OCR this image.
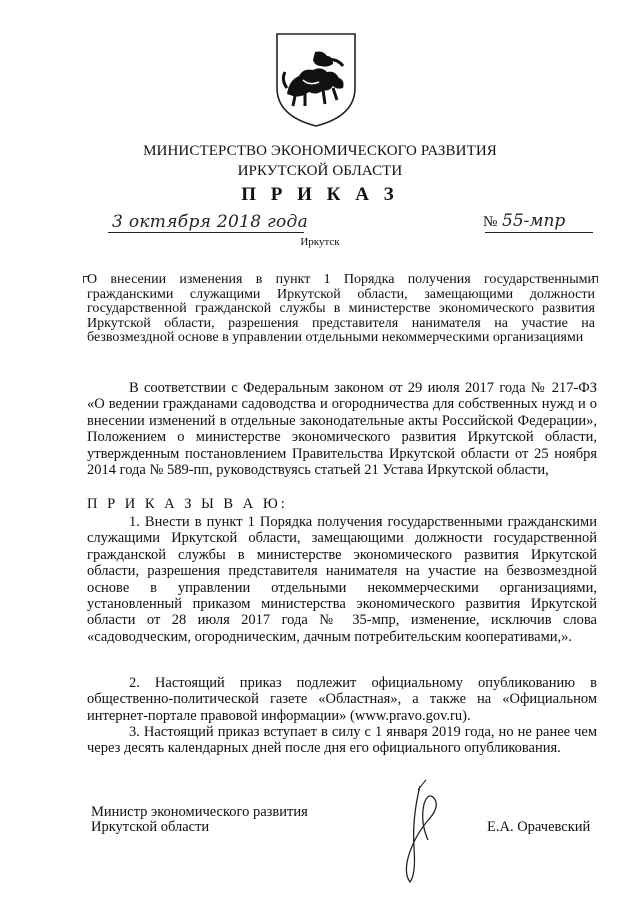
МИНИСТЕРСТВО ЭКОНОМИЧЕСКОГО РАЗВИТИЯ
ИРКУТСКОЙ ОБЛАСТИ
П Р И К А З
3 октября 2018 года	№ 55-мпр
Иркутск
О внесении изменения в пункт 1 Порядка получения государственными гражданскими служащими Иркутской области, замещающими должности государственной гражданской службы в министерстве экономического развития Иркутской области, разрешения представителя нанимателя на участие на безвозмездной основе в управлении отдельными некоммерческими организациями
В соответствии с Федеральным законом от 29 июля 2017 года № 217-ФЗ «О ведении гражданами садоводства и огородничества для собственных нужд и о внесении изменений в отдельные законодательные акты Российской Федерации», Положением о министерстве экономического развития Иркутской области, утвержденным постановлением Правительства Иркутской области от 25 ноября 2014 года № 589-пп, руководствуясь статьей 21 Устава Иркутской области,
П Р И К А З Ы В А Ю:
1. Внести в пункт 1 Порядка получения государственными гражданскими служащими Иркутской области, замещающими должности государственной гражданской службы в министерстве экономического развития Иркутской области, разрешения представителя нанимателя на участие на безвозмездной основе в управлении отдельными некоммерческими организациями, установленный приказом министерства экономического развития Иркутской области от 28 июля 2017 года № 35-мпр, изменение, исключив слова «садоводческим, огородническим, дачным потребительским кооперативами,».
2. Настоящий приказ подлежит официальному опубликованию в общественно-политической газете «Областная», а также на «Официальном интернет-портале правовой информации» (www.pravo.gov.ru).
3. Настоящий приказ вступает в силу с 1 января 2019 года, но не ранее чем через десять календарных дней после дня его официального опубликования.
Министр экономического развития
Иркутской области	Е.А. Орачевский
